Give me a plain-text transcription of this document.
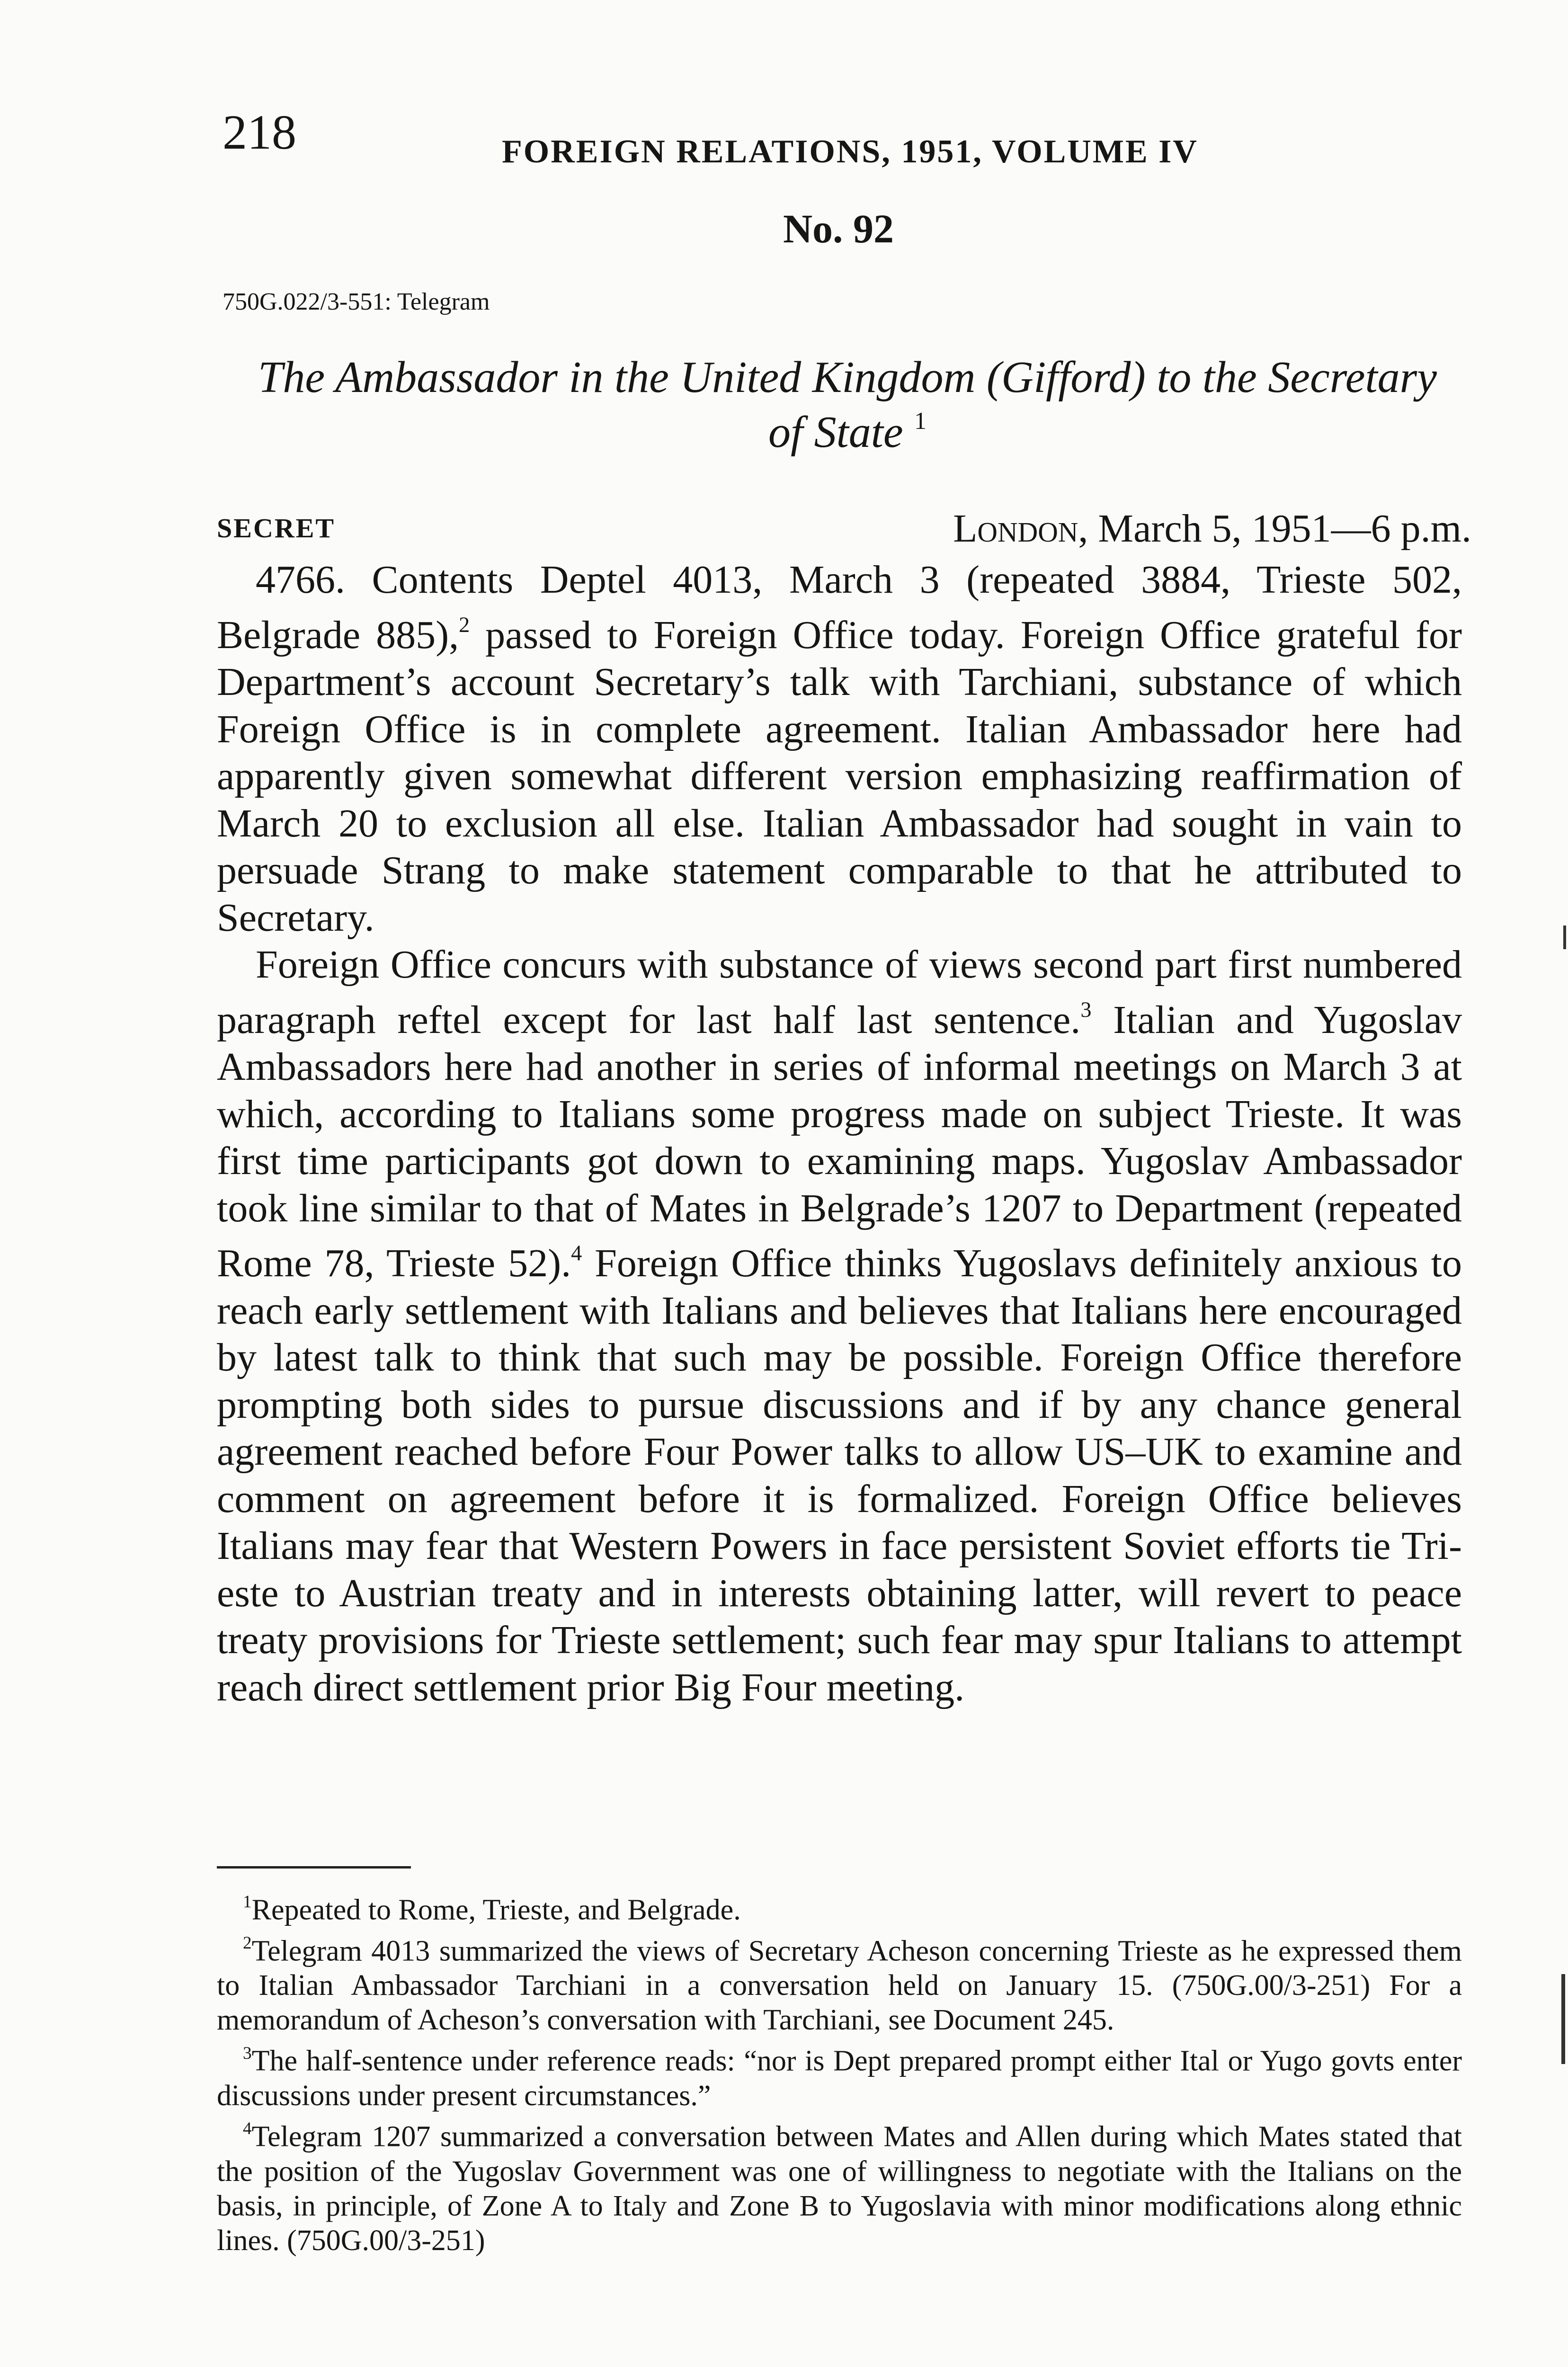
218	FOREIGN RELATIONS, 1951, VOLUME IV
No. 92
750G.022/3-551: Telegram
The Ambassador in the United Kingdom (Gifford) to the Secretary
of State $^1$
SECRET	London, March 5, 1951—6 p.m.

4766. Contents Deptel 4013, March 3 (repeated 3884, Trieste 502, Belgrade 885),$^2$ passed to Foreign Office today. Foreign Office grateful for Department’s account Secretary’s talk with Tarchiani, substance of which Foreign Office is in complete agreement. Italian Ambassador here had apparently given somewhat different version emphasizing reaffirmation of March 20 to exclusion all else. Italian Ambassador had sought in vain to persuade Strang to make statement comparable to that he attributed to Secretary.

Foreign Office concurs with substance of views second part first numbered paragraph reftel except for last half last sentence.$^3$ Italian and Yugoslav Ambassadors here had another in series of informal meetings on March 3 at which, according to Italians some progress made on subject Trieste. It was first time participants got down to examining maps. Yugoslav Ambassador took line similar to that of Mates in Belgrade’s 1207 to Department (repeated Rome 78, Trieste 52).$^4$ Foreign Office thinks Yugoslavs definitely anxious to reach early settlement with Italians and believes that Italians here encouraged by latest talk to think that such may be possible. Foreign Office therefore prompting both sides to pursue discussions and if by any chance general agreement reached before Four Power talks to allow US–UK to examine and comment on agreement before it is formalized. Foreign Office believes Italians may fear that Western Powers in face persistent Soviet efforts tie Trieste to Austrian treaty and in interests obtaining latter, will revert to peace treaty provisions for Trieste settlement; such fear may spur Italians to attempt reach direct settlement prior Big Four meeting.

$^1$Repeated to Rome, Trieste, and Belgrade.

$^2$Telegram 4013 summarized the views of Secretary Acheson concerning Trieste as he expressed them to Italian Ambassador Tarchiani in a conversation held on January 15. (750G.00/3-251) For a memorandum of Acheson’s conversation with Tarchiani, see Document 245.

$^3$The half-sentence under reference reads: “nor is Dept prepared prompt either Ital or Yugo govts enter discussions under present circumstances.”

$^4$Telegram 1207 summarized a conversation between Mates and Allen during which Mates stated that the position of the Yugoslav Government was one of willingness to negotiate with the Italians on the basis, in principle, of Zone A to Italy and Zone B to Yugoslavia with minor modifications along ethnic lines. (750G.00/3-251)
